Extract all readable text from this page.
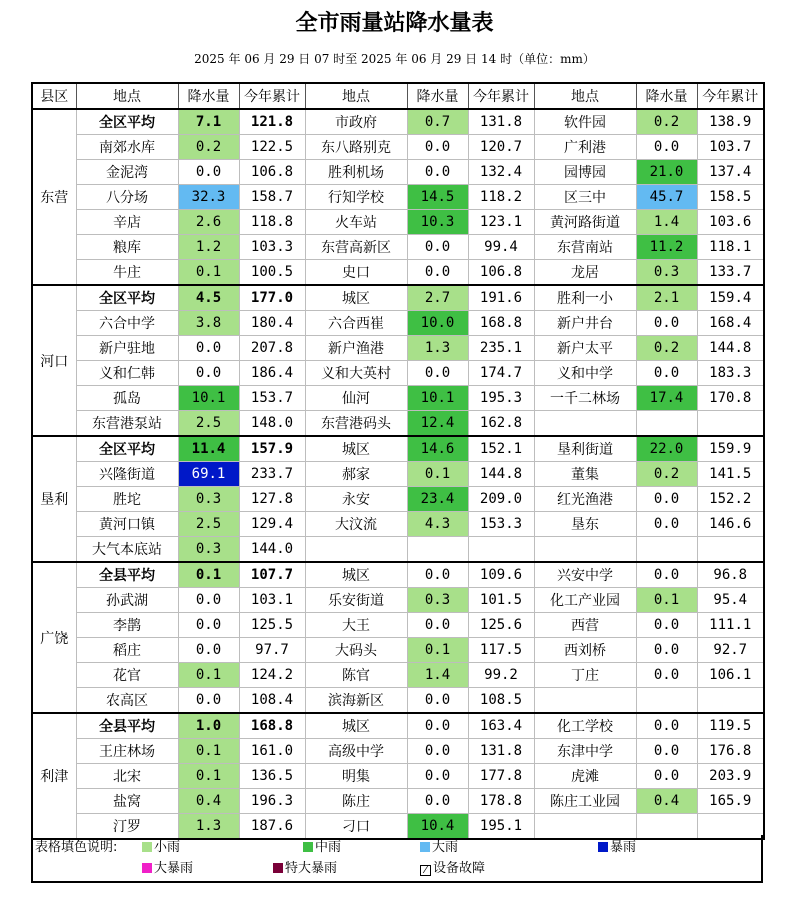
全市雨量站降水量表
2025 年 06 月 29 日 07 时至 2025 年 06 月 29 日 14 时（单位：mm）
县区	地点	降水量	今年累计	地点	降水量	今年累计	地点	降水量	今年累计
东营	全区平均	7.1	121.8	市政府	0.7	131.8	软件园	0.2	138.9
	南郊水库	0.2	122.5	东八路别克	0.0	120.7	广利港	0.0	103.7
	金泥湾	0.0	106.8	胜利机场	0.0	132.4	园博园	21.0	137.4
	八分场	32.3	158.7	行知学校	14.5	118.2	区三中	45.7	158.5
	辛店	2.6	118.8	火车站	10.3	123.1	黄河路街道	1.4	103.6
	粮库	1.2	103.3	东营高新区	0.0	99.4	东营南站	11.2	118.1
	牛庄	0.1	100.5	史口	0.0	106.8	龙居	0.3	133.7
河口	全区平均	4.5	177.0	城区	2.7	191.6	胜利一小	2.1	159.4
	六合中学	3.8	180.4	六合西崔	10.0	168.8	新户井台	0.0	168.4
	新户驻地	0.0	207.8	新户渔港	1.3	235.1	新户太平	0.2	144.8
	义和仁韩	0.0	186.4	义和大英村	0.0	174.7	义和中学	0.0	183.3
	孤岛	10.1	153.7	仙河	10.1	195.3	一千二林场	17.4	170.8
	东营港泵站	2.5	148.0	东营港码头	12.4	162.8			
垦利	全区平均	11.4	157.9	城区	14.6	152.1	垦利街道	22.0	159.9
	兴隆街道	69.1	233.7	郝家	0.1	144.8	董集	0.2	141.5
	胜坨	0.3	127.8	永安	23.4	209.0	红光渔港	0.0	152.2
	黄河口镇	2.5	129.4	大汶流	4.3	153.3	垦东	0.0	146.6
	大气本底站	0.3	144.0						
广饶	全县平均	0.1	107.7	城区	0.0	109.6	兴安中学	0.0	96.8
	孙武湖	0.0	103.1	乐安街道	0.3	101.5	化工产业园	0.1	95.4
	李鹊	0.0	125.5	大王	0.0	125.6	西营	0.0	111.1
	稻庄	0.0	97.7	大码头	0.1	117.5	西刘桥	0.0	92.7
	花官	0.1	124.2	陈官	1.4	99.2	丁庄	0.0	106.1
	农高区	0.0	108.4	滨海新区	0.0	108.5			
利津	全县平均	1.0	168.8	城区	0.0	163.4	化工学校	0.0	119.5
	王庄林场	0.1	161.0	高级中学	0.0	131.8	东津中学	0.0	176.8
	北宋	0.1	136.5	明集	0.0	177.8	虎滩	0.0	203.9
	盐窝	0.4	196.3	陈庄	0.0	178.8	陈庄工业园	0.4	165.9
	汀罗	1.3	187.6	刁口	10.4	195.1			
表格填色说明:	小雨	中雨	大雨	暴雨
大暴雨	特大暴雨	⁄ 设备故障
